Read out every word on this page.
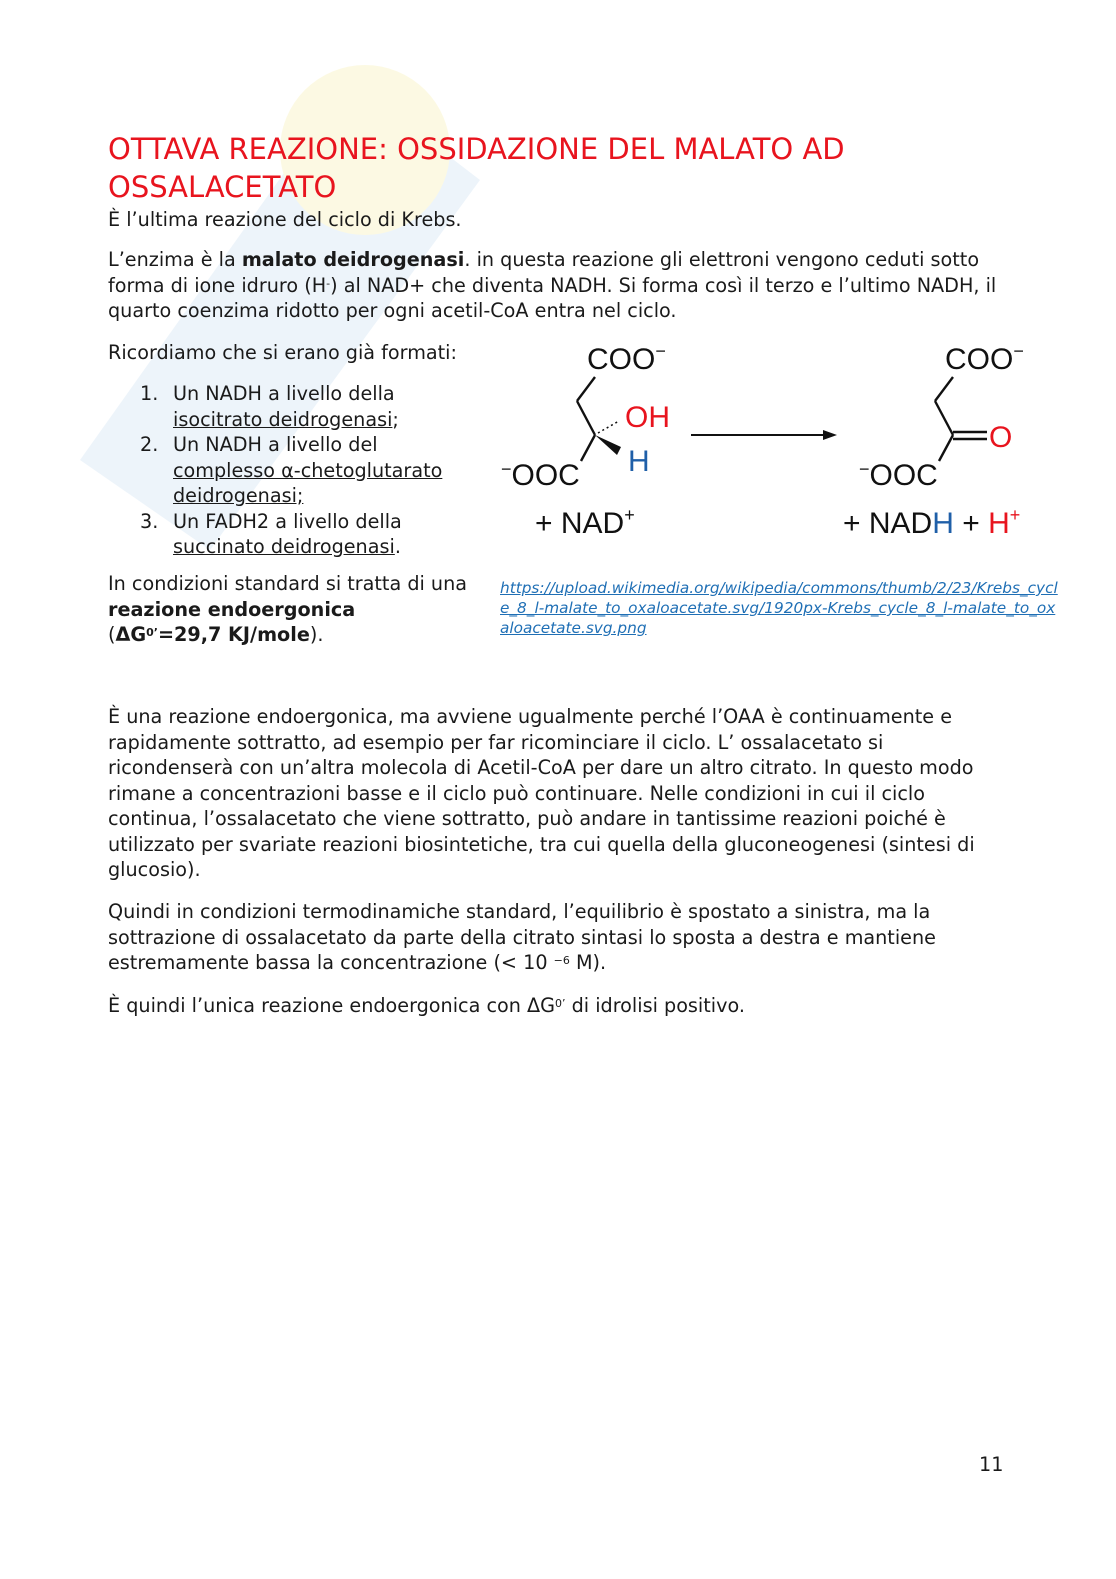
OTTAVA REAZIONE: OSSIDAZIONE DEL MALATO AD OSSALACETATO

È l’ultima reazione del ciclo di Krebs.

L’enzima è la malato deidrogenasi. in questa reazione gli elettroni vengono ceduti sotto forma di ione idruro (H-) al NAD+ che diventa NADH. Si forma così il terzo e l’ultimo NADH, il quarto coenzima ridotto per ogni acetil-CoA entra nel ciclo.

Ricordiamo che si erano già formati:

1. Un NADH a livello della isocitrato deidrogenasi;
2. Un NADH a livello del complesso α-chetoglutarato deidrogenasi;
3. Un FADH2 a livello della succinato deidrogenasi.

In condizioni standard si tratta di una reazione endoergonica ($\Delta G^{0’}=29,7$ KJ/mole).

COO−
OH
H
−OOC
+ NAD+
COO−
O
−OOC
+ NADH + H+
https://upload.wikimedia.org/wikipedia/commons/thumb/2/23/Krebs_cycle_8_l-malate_to_oxaloacetate.svg/1920px-Krebs_cycle_8_l-malate_to_oxaloacetate.svg.png

È una reazione endoergonica, ma avviene ugualmente perché l’OAA è continuamente e rapidamente sottratto, ad esempio per far ricominciare il ciclo. L’ ossalacetato si ricondenserà con un’altra molecola di Acetil-CoA per dare un altro citrato. In questo modo rimane a concentrazioni basse e il ciclo può continuare. Nelle condizioni in cui il ciclo continua, l’ossalacetato che viene sottratto, può andare in tantissime reazioni poiché è utilizzato per svariate reazioni biosintetiche, tra cui quella della gluconeogenesi (sintesi di glucosio).

Quindi in condizioni termodinamiche standard, l’equilibrio è spostato a sinistra, ma la sottrazione di ossalacetato da parte della citrato sintasi lo sposta a destra e mantiene estremamente bassa la concentrazione (< 10 $^{-6}$ M).

È quindi l’unica reazione endoergonica con $\Delta G^{0’}$ di idrolisi positivo.

11
